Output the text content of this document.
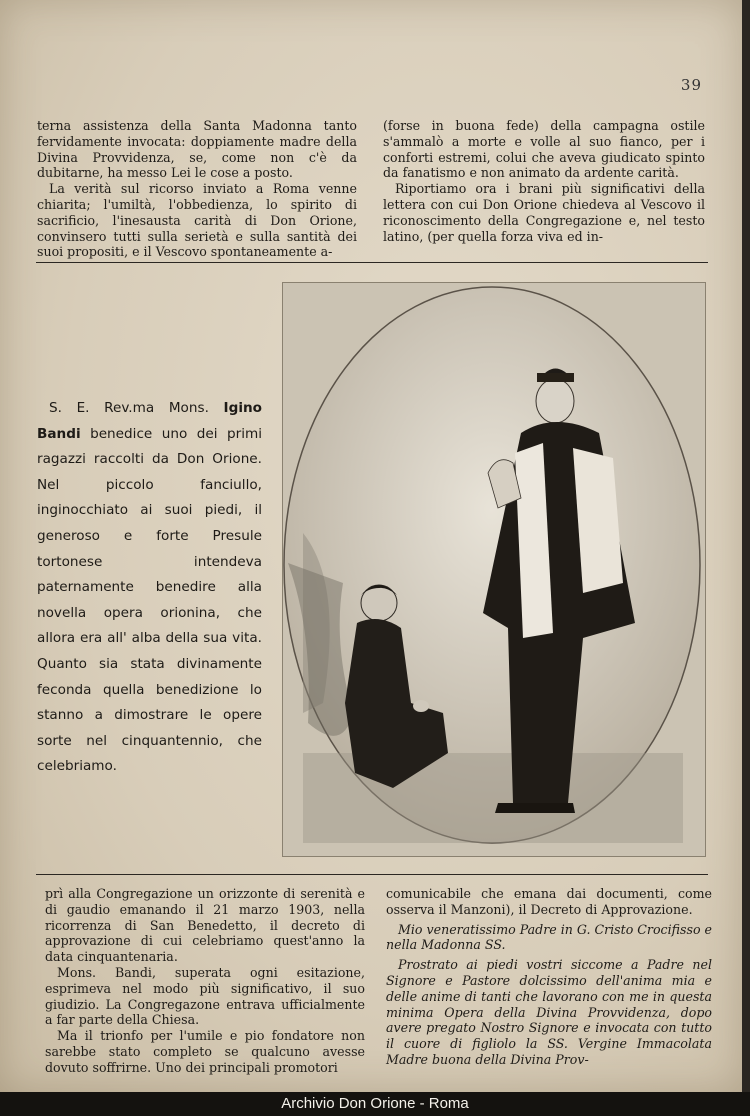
39

terna assistenza della Santa Madonna tanto fervidamente invocata: doppiamente madre della Divina Provvidenza, se, come non c'è da dubitarne, ha messo Lei le cose a posto.

La verità sul ricorso inviato a Roma venne chiarita; l'umiltà, l'obbedienza, lo spirito di sacrificio, l'inesausta carità di Don Orione, convinsero tutti sulla serietà e sulla santità dei suoi propositi, e il Vescovo spontaneamente a-

(forse in buona fede) della campagna ostile s'ammalò a morte e volle al suo fianco, per i conforti estremi, colui che aveva giudicato spinto da fanatismo e non animato da ardente carità.

Riportiamo ora i brani più significativi della lettera con cui Don Orione chiedeva al Vescovo il riconoscimento della Congregazione e, nel testo latino, (per quella forza viva ed in-

S. E. Rev.ma Mons. Igino Bandi benedice uno dei primi ragazzi raccolti da Don Orione. Nel piccolo fanciullo, inginocchiato ai suoi piedi, il generoso e forte Presule tortonese intendeva paternamente benedire alla novella opera orionina, che allora era all' alba della sua vita. Quanto sia stata divinamente feconda quella benedizione lo stanno a dimostrare le opere sorte nel cinquantennio, che celebriamo.

prì alla Congregazione un orizzonte di serenità e di gaudio emanando il 21 marzo 1903, nella ricorrenza di San Benedetto, il decreto di approvazione di cui celebriamo quest'anno la data cinquantenaria.

Mons. Bandi, superata ogni esitazione, esprimeva nel modo più significativo, il suo giudizio. La Congregazone entrava ufficialmente a far parte della Chiesa.

Ma il trionfo per l'umile e pio fondatore non sarebbe stato completo se qualcuno avesse dovuto soffrirne. Uno dei principali promotori

comunicabile che emana dai documenti, come osserva il Manzoni), il Decreto di Approvazione.

Mio veneratissimo Padre in G. Cristo Crocifisso e nella Madonna SS.

Prostrato ai piedi vostri siccome a Padre nel Signore e Pastore dolcissimo dell'anima mia e delle anime di tanti che lavorano con me in questa minima Opera della Divina Provvidenza, dopo avere pregato Nostro Signore e invocata con tutto il cuore di figliolo la SS. Vergine Immacolata Madre buona della Divina Prov-

Archivio Don Orione - Roma
